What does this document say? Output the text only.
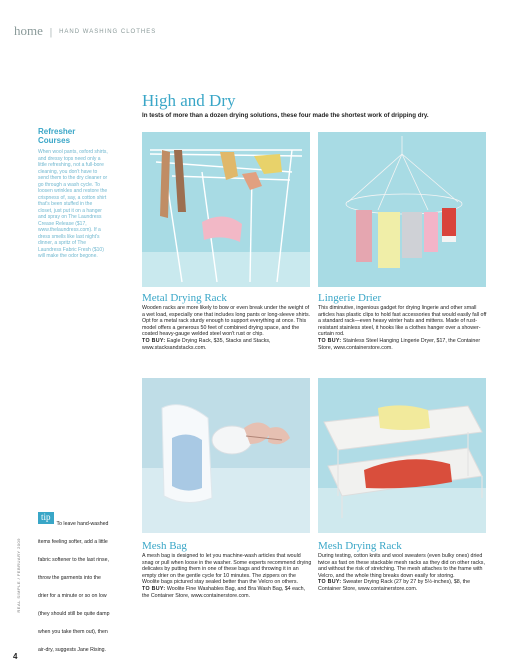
home | $^{HAND WASHING CLOTHES}$
High and Dry
In tests of more than a dozen drying solutions, these four made the shortest work of dripping dry.
Refresher Courses
When wool pants, oxford shirts, and dressy tops need only a little refreshing, not a full-bore cleaning, you don't have to send them to the dry cleaner or go through a wash cycle. To loosen wrinkles and restore the crispness of, say, a cotton shirt that's been stuffed in the closet, just put it on a hanger and spray on The Laundress Crease Release ($17, www.thelaundress.com). If a dress smells like last night's dinner, a spritz of The Laundress Fabric Fresh ($10) will make the odor begone.
tip
To leave hand-washed items feeling softer, add a little fabric softener to the last rinse, throw the garments into the drier for a minute or so on low (they should still be quite damp when you take them out), then air-dry, suggests Jane Rising.
REAL SIMPLE / FEBRUARY 2009
4
Metal Drying Rack
Wooden racks are more likely to bow or even break under the weight of a wet load, especially one that includes long pants or long-sleeve shirts. Opt for a metal rack sturdy enough to support everything at once. This model offers a generous 50 feet of combined drying space, and the coated heavy-gauge welded steel won't rust or chip.
TO BUY: Eagle Drying Rack, $35, Stacks and Stacks, www.stacksandstacks.com.
Lingerie Drier
This diminutive, ingenious gadget for drying lingerie and other small articles has plastic clips to hold fast accessories that would easily fall off a standard rack—even heavy winter hats and mittens. Made of rust-resistant stainless steel, it hooks like a clothes hanger over a shower-curtain rod.
TO BUY: Stainless Steel Hanging Lingerie Dryer, $17, the Container Store, www.containerstore.com.
Mesh Bag
A mesh bag is designed to let you machine-wash articles that would snag or pull when loose in the washer. Some experts recommend drying delicates by putting them in one of these bags and throwing it in an empty drier on the gentle cycle for 10 minutes. The zippers on the Woolite bags pictured stay sealed better than the Velcro on others.
TO BUY: Woolite Fine Washables Bag, and Bra Wash Bag, $4 each, the Container Store, www.containerstore.com.
Mesh Drying Rack
During testing, cotton knits and wool sweaters (even bulky ones) dried twice as fast on these stackable mesh racks as they did on other racks, and without the risk of stretching. The mesh attaches to the frame with Velcro, and the whole thing breaks down easily for storing.
TO BUY: Sweater Drying Rack (27 by 27 by 5½-inches), $8, the Container Store, www.containerstore.com.
